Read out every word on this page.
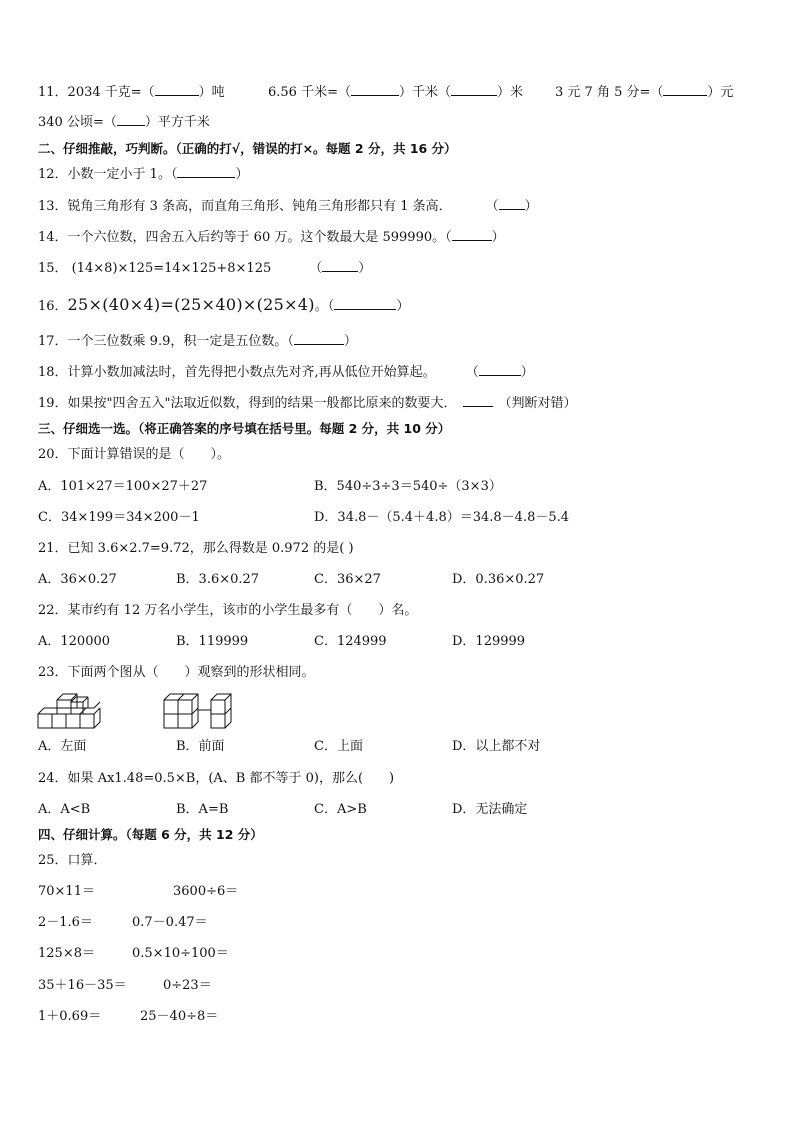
11．2034 千克=（	）吨	6.56 千米=（	）千米（	）米 3 元 7 角 5 分=（	）元
340 公顷=（ ）平方千米
二、仔细推敲，巧判断。（正确的打√，错误的打×。每题 2 分，共 16 分）
12．小数一定小于 1。（	）
13．锐角三角形有 3 条高，而直角三角形、钝角三角形都只有 1 条高．	（ ）
14．一个六位数，四舍五入后约等于 60 万。这个数最大是 599990。（	）
15． (14×8)×125=14×125+8×125	（	）
16．25×(40×4)=(25×40)×(25×4)。（	）
17．一个三位数乘 9.9，积一定是五位数。（	）
18．计算小数加减法时，首先得把小数点先对齐,再从低位开始算起。 （	）
19．如果按"四舍五入"法取近似数，得到的结果一般都比原来的数要大．	（判断对错）
三、仔细选一选。（将正确答案的序号填在括号里。每题 2 分，共 10 分）
20．下面计算错误的是（　　）。
A．101×27＝100×27＋27	B．540÷3÷3＝540÷（3×3）
C．34×199＝34×200－1	D．34.8－（5.4＋4.8）＝34.8－4.8－5.4
21．已知 3.6×2.7=9.72，那么得数是 0.972 的是( )
A．36×0.27	B．3.6×0.27	C．36×27	D．0.36×0.27
22．某市约有 12 万名小学生，该市的小学生最多有（　　）名。
A．120000	B．119999	C．124999	D．129999
23．下面两个图从（　　）观察到的形状相同。
A．左面	B．前面	C．上面	D．以上都不对
24．如果 Ax1.48=0.5×B，(A、B 都不等于 0)，那么(　　)
A．A<B	B．A=B	C．A>B	D．无法确定
四、仔细计算。（每题 6 分，共 12 分）
25．口算．
70×11＝	3600÷6＝
2－1.6＝	0.7－0.47＝
125×8＝	0.5×10÷100＝
35＋16－35＝	0÷23＝
1＋0.69＝	25－40÷8＝
